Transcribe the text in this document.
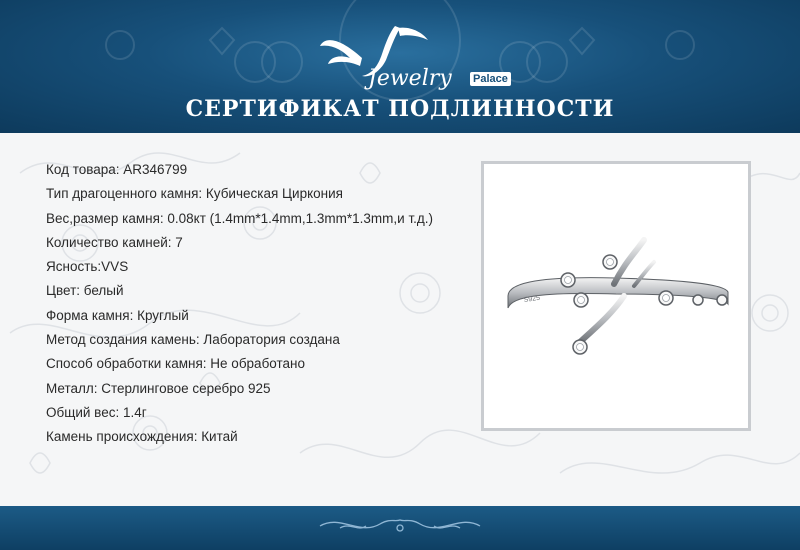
Jewelry Palace
СЕРТИФИКАТ ПОДЛИННОСТИ
Код товара: AR346799
Тип драгоценного камня: Кубическая Циркония
Вес,размер камня: 0.08кт (1.4mm*1.4mm,1.3mm*1.3mm,и т.д.)
Количество камней: 7
Ясность:VVS
Цвет: белый
Форма камня: Круглый
Метод создания камень: Лаборатория создана
Способ обработки камня: Не обработано
Металл: Стерлинговое серебро 925
Общий вес: 1.4г
Камень происхождения: Китай
S925
